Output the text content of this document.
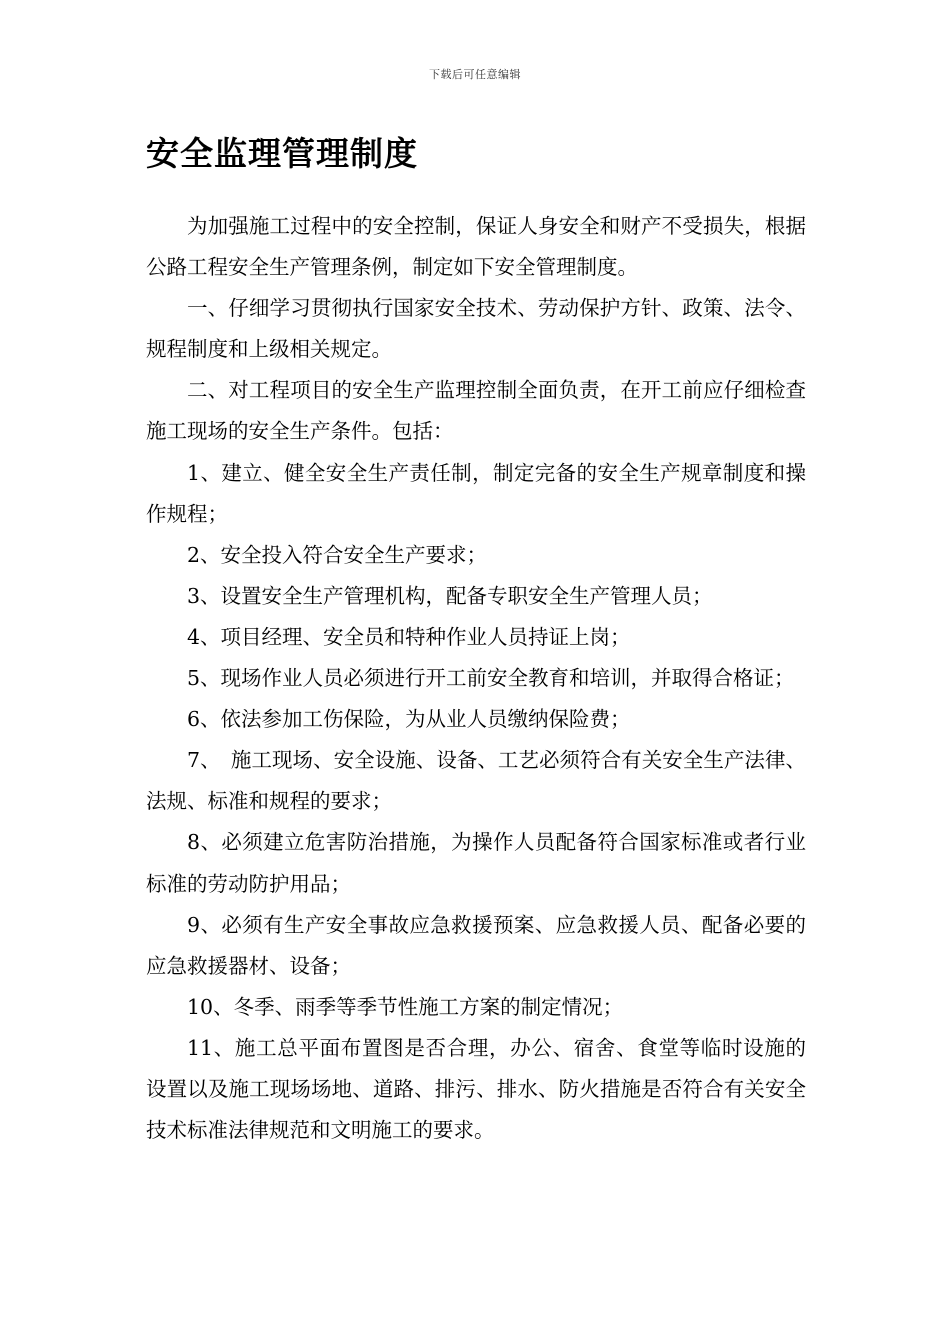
下载后可任意编辑
安全监理管理制度

为加强施工过程中的安全控制，保证人身安全和财产不受损失，根据公路工程安全生产管理条例，制定如下安全管理制度。

一、仔细学习贯彻执行国家安全技术、劳动保护方针、政策、法令、规程制度和上级相关规定。

二、对工程项目的安全生产监理控制全面负责，在开工前应仔细检查施工现场的安全生产条件。包括：

1、建立、健全安全生产责任制，制定完备的安全生产规章制度和操作规程；

2、安全投入符合安全生产要求；

3、设置安全生产管理机构，配备专职安全生产管理人员；

4、项目经理、安全员和特种作业人员持证上岗；

5、现场作业人员必须进行开工前安全教育和培训，并取得合格证；

6、依法参加工伤保险，为从业人员缴纳保险费；

7、　施工现场、安全设施、设备、工艺必须符合有关安全生产法律、法规、标准和规程的要求；

8、必须建立危害防治措施，为操作人员配备符合国家标准或者行业标准的劳动防护用品；

9、必须有生产安全事故应急救援预案、应急救援人员、配备必要的应急救援器材、设备；

10、冬季、雨季等季节性施工方案的制定情况；

11、施工总平面布置图是否合理，办公、宿舍、食堂等临时设施的设置以及施工现场场地、道路、排污、排水、防火措施是否符合有关安全技术标准法律规范和文明施工的要求。
